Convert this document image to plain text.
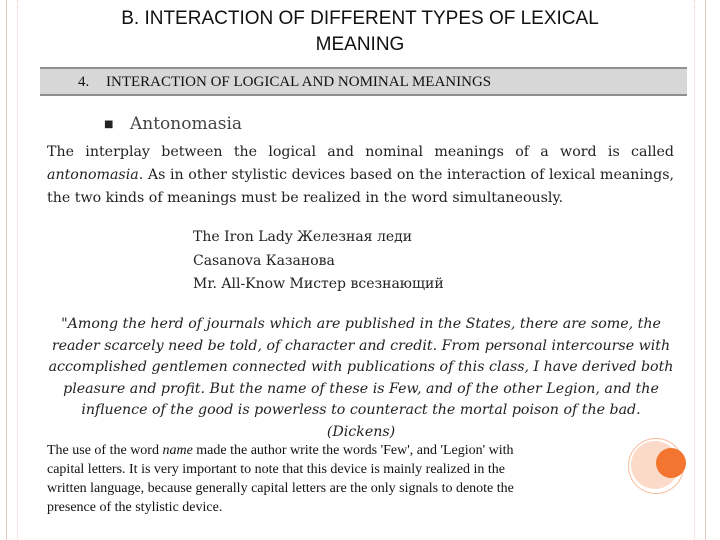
B. INTERACTION OF DIFFERENT TYPES OF LEXICAL
MEANING
4. INTERACTION OF LOGICAL AND NOMINAL MEANINGS
■ Antonomasia
The interplay between the logical and nominal meanings of a word is called antonomasia. As in other stylistic devices based on the interaction of lexical meanings, the two kinds of meanings must be realized in the word simultaneously.
The Iron Lady Железная леди
Casanova Казанова
Mr. All-Know Мистер всезнающий
"Among the herd of journals which are published in the States, there are some, the reader scarcely need be told, of character and credit. From personal intercourse with accomplished gentlemen connected with publications of this class, I have derived both pleasure and profit. But the name of these is Few, and of the other Legion, and the influence of the good is powerless to counteract the mortal poison of the bad. (Dickens)
The use of the word name made the author write the words 'Few', and 'Legion' with
capital letters. It is very important to note that this device is mainly realized in the
written language, because generally capital letters are the only signals to denote the
presence of the stylistic device.
